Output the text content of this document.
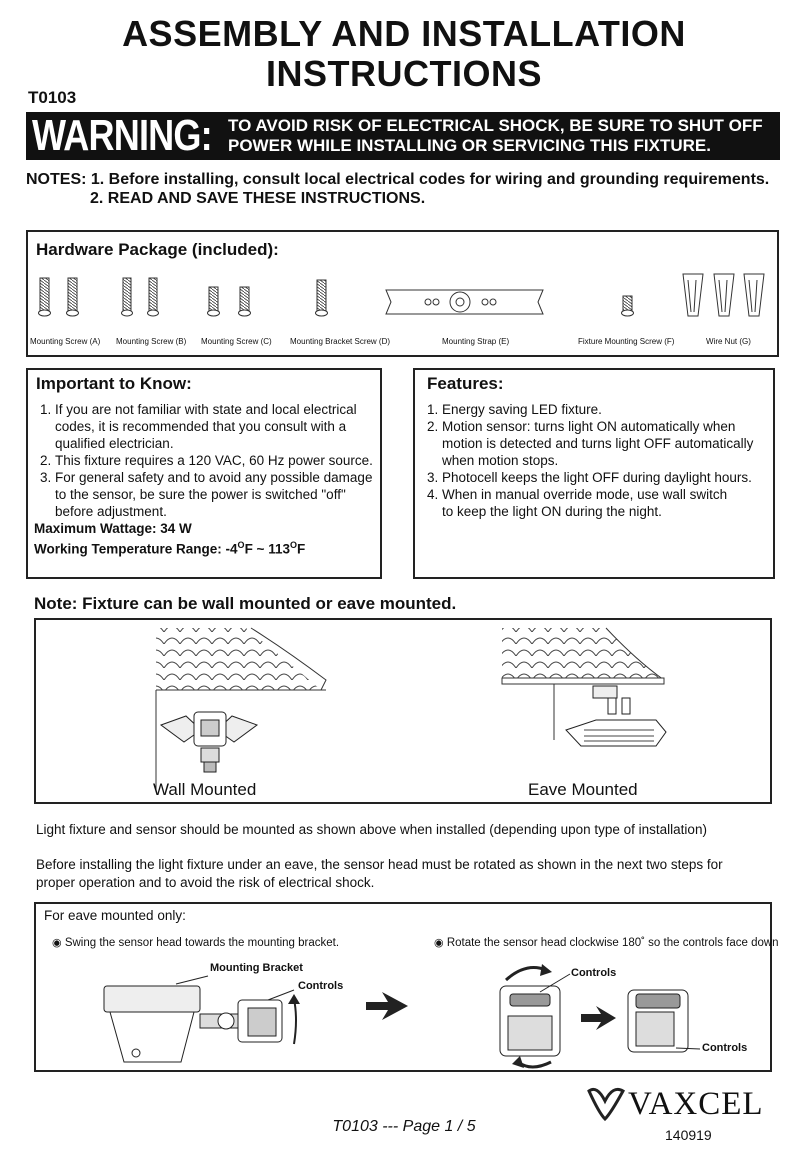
ASSEMBLY AND INSTALLATION
INSTRUCTIONS
T0103
WARNING: TO AVOID RISK OF ELECTRICAL SHOCK, BE SURE TO SHUT OFF
POWER WHILE INSTALLING OR SERVICING THIS FIXTURE.
NOTES: 1. Before installing, consult local electrical codes for wiring and grounding requirements.
2. READ AND SAVE THESE INSTRUCTIONS.
Hardware Package (included):
Mounting Screw (A) Mounting Screw (B) Mounting Screw (C) Mounting Bracket Screw (D)	Mounting Strap (E)	Fixture Mounting Screw (F)	Wire Nut (G)
Important to Know:
1. If you are not familiar with state and local electrical codes, it is recommended that you consult with a qualified electrician.
2. This fixture requires a 120 VAC, 60 Hz power source.
3. For general safety and to avoid any possible damage to the sensor, be sure the power is switched "off" before adjustment.
Maximum Wattage: 34 W
Working Temperature Range: $-4^OF$ ~ $113^OF$
Features:
1. Energy saving LED fixture.
2. Motion sensor: turns light ON automatically when
motion is detected and turns light OFF automatically
when motion stops.
3. Photocell keeps the light OFF during daylight hours.
4. When in manual override mode, use wall switch
to keep the light ON during the night.
Note: Fixture can be wall mounted or eave mounted.
Wall Mounted	Eave Mounted
Light fixture and sensor should be mounted as shown above when installed (depending upon type of installation)
Before installing the light fixture under an eave, the sensor head must be rotated as shown in the next two steps for
proper operation and to avoid the risk of electrical shock.
For eave mounted only:
◉ Swing the sensor head towards the mounting bracket.	◉ Rotate the sensor head clockwise 180˚ so the controls face down
Mounting Bracket
Controls
Controls
Controls
T0103 --- Page 1 / 5
VAXCEL
140919
